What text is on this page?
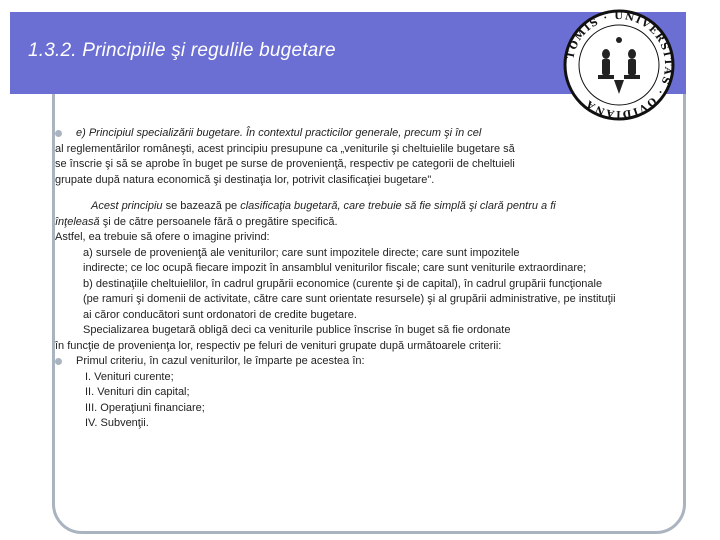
1.3.2. Principiile şi regulile bugetare	TOMIS · UNIVERSITAS · OVIDIANA
e) Principiul specializării bugetare. În contextul practicilor generale, precum şi în cel
al reglementărilor româneşti, acest principiu presupune ca „veniturile şi cheltuielile bugetare să
se înscrie şi să se aprobe în buget pe surse de provenienţă, respectiv pe categorii de cheltuieli
grupate după natura economică şi destinaţia lor, potrivit clasificaţiei bugetare".
Acest principiu se bazează pe clasificaţia bugetară, care trebuie să fie simplă şi clară pentru a fi
înţeleasă şi de către persoanele fără o pregătire specifică.
Astfel, ea trebuie să ofere o imagine privind:
a) sursele de provenienţă ale veniturilor; care sunt impozitele directe; care sunt impozitele
indirecte; ce loc ocupă fiecare impozit în ansamblul veniturilor fiscale; care sunt veniturile extraordinare;
b) destinaţiile cheltuielilor, în cadrul grupării economice (curente şi de capital), în cadrul grupării funcţionale
(pe ramuri şi domenii de activitate, către care sunt orientate resursele) şi al grupării administrative, pe instituţii
ai căror conducători sunt ordonatori de credite bugetare.
Specializarea bugetară obligă deci ca veniturile publice înscrise în buget să fie ordonate
în funcţie de provenienţa lor, respectiv pe feluri de venituri grupate după următoarele criterii:
Primul criteriu, în cazul veniturilor, le împarte pe acestea în:
I. Venituri curente;
II. Venituri din capital;
III. Operaţiuni financiare;
IV. Subvenţii.
